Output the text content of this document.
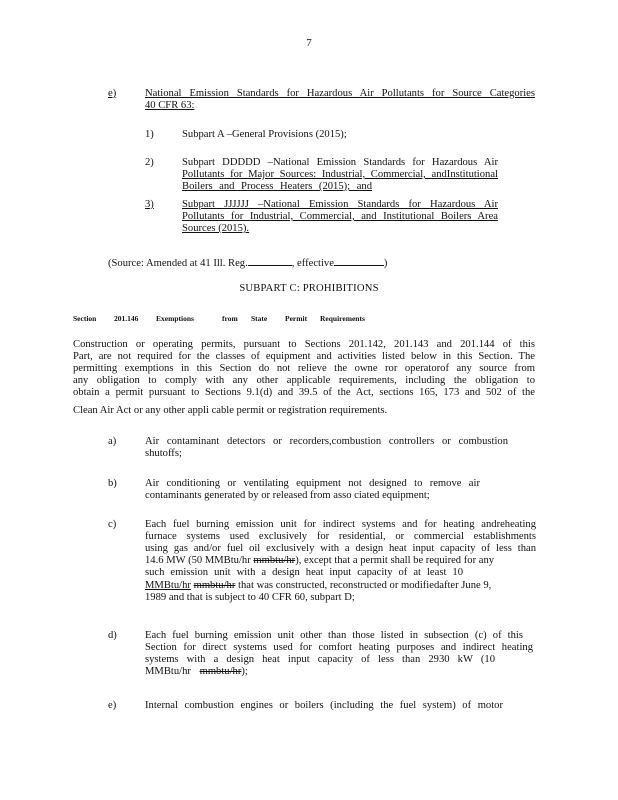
7
e)	National Emission Standards for Hazardous Air Pollutants for Source Categories
40 CFR 63:
1)	Subpart A –General Provisions (2015);
2)	Subpart DDDDD –National Emission Standards for Hazardous Air
Pollutants for Major Sources: Industrial, Commercial, andInstitutional
Boilers and Process Heaters (2015); and
3)	Subpart JJJJJJ –National Emission Standards for Hazardous Air
Pollutants for Industrial, Commercial, and Institutional Boilers Area
Sources (2015).
(Source: Amended at 41 Ill. Reg.	, effective	)
SUBPART C: PROHIBITIONS
Section 201.146 Exemptions	from State Permit Requirements
Construction or operating permits, pursuant to Sections 201.142, 201.143 and 201.144 of this
Part, are not required for the classes of equipment and activities listed below in this Section. The
permitting exemptions in this Section do not relieve the owne ror operatorof any source from
any obligation to comply with any other applicable requirements, including the obligation to
obtain a permit pursuant to Sections 9.1(d) and 39.5 of the Act, sections 165, 173 and 502 of the
Clean Air Act or any other appli cable permit or registration requirements.
a)	Air contaminant detectors or recorders,combustion controllers or combustion
shutoffs;
b)	Air conditioning or ventilating equipment not designed to remove air
contaminants generated by or released from asso ciated equipment;
c)	Each fuel burning emission unit for indirect systems and for heating andreheating
furnace systems used exclusively for residential, or commercial establishments
using gas and/or fuel oil exclusively with a design heat input capacity of less than
14.6 MW (50 MMBtu/hr mmbtu/hr), except that a permit shall be required for any
such emission unit with a design heat input capacity of at least 10
MMBtu/hr mmbtu/hr that was constructed, reconstructed or modifiedafter June 9,
1989 and that is subject to 40 CFR 60, subpart D;
d)	Each fuel burning emission unit other than those listed in subsection (c) of this
Section for direct systems used for comfort heating purposes and indirect heating
systems with a design heat input capacity of less than 2930 kW (10
MMBtu/hr mmbtu/hr);
e)	Internal combustion engines or boilers (including the fuel system) of motor
